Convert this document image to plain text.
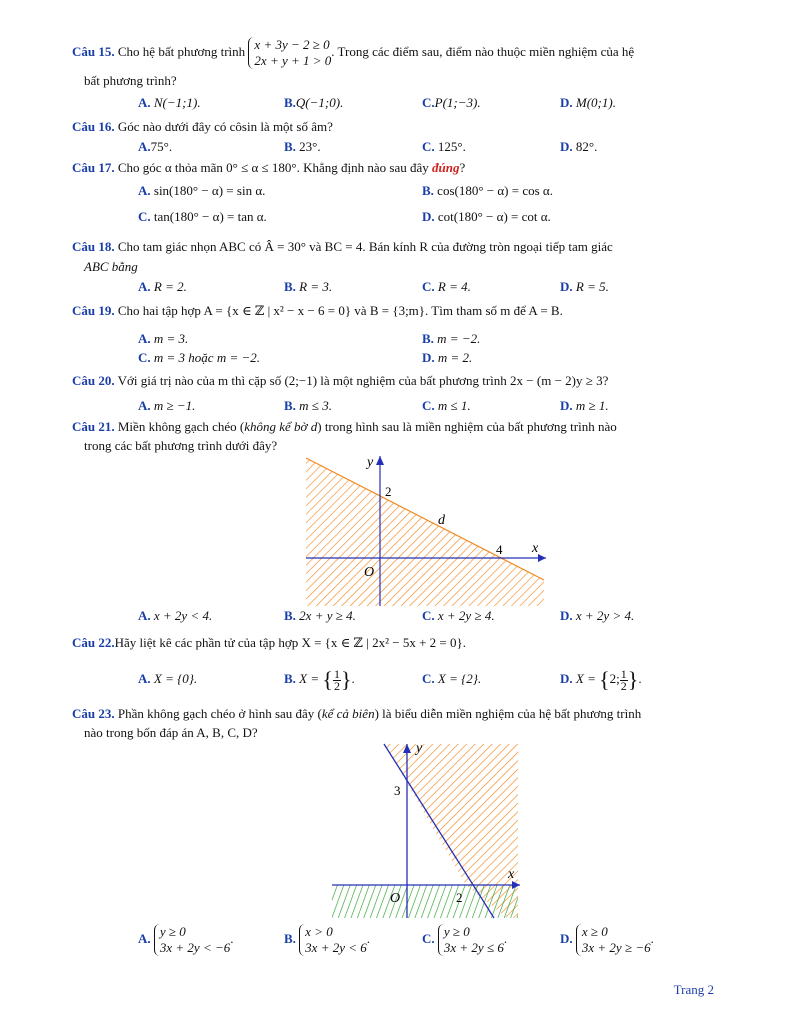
Câu 15. Cho hệ bất phương trình x + 3y − 2 ≥ 0
2x + y + 1 > 0
. Trong các điểm sau, điểm nào thuộc miền nghiệm của hệ
bất phương trình?
A. N(−1;1).	B.Q(−1;0).	C.P(1;−3).	D. M(0;1).
Câu 16. Góc nào dưới đây có côsin là một số âm?
A.75°.	B. 23°.	C. 125°.	D. 82°.
Câu 17. Cho góc α thỏa mãn 0° ≤ α ≤ 180°. Khẳng định nào sau đây đúng?
A. sin(180° − α) = sin α.	B. cos(180° − α) = cos α.
C. tan(180° − α) = tan α.	D. cot(180° − α) = cot α.
Câu 18. Cho tam giác nhọn ABC có Â = 30° và BC = 4. Bán kính R của đường tròn ngoại tiếp tam giác
ABC bằng
A. R = 2.	B. R = 3.	C. R = 4.	D. R = 5.
Câu 19. Cho hai tập hợp A = {x ∈ ℤ | x² − x − 6 = 0} và B = {3;m}. Tìm tham số m để A = B.
A. m = 3.	B. m = −2.
C. m = 3 hoặc m = −2.	D. m = 2.
Câu 20. Với giá trị nào của m thì cặp số (2;−1) là một nghiệm của bất phương trình 2x − (m − 2)y ≥ 3?
A. m ≥ −1.	B. m ≤ 3.	C. m ≤ 1.	D. m ≥ 1.
Câu 21. Miền không gạch chéo (không kể bờ d) trong hình sau là miền nghiệm của bất phương trình nào
trong các bất phương trình dưới đây?
y
x
O
2
4
d
A. x + 2y < 4.	B. 2x + y ≥ 4.	C. x + 2y ≥ 4.	D. x + 2y > 4.
Câu 22.Hãy liệt kê các phần tử của tập hợp X = {x ∈ ℤ | 2x² − 5x + 2 = 0}.
A. X = {0}.	B. X = { $\frac{1}{2}$ }.	C. X = {2}.	D. X = {2; $\frac{1}{2}$ }.
Câu 23. Phần không gạch chéo ở hình sau đây (kể cả biên) là biểu diễn miền nghiệm của hệ bất phương trình
nào trong bốn đáp án A, B, C, D?
y
x
O
3
2
A. y ≥ 0
3x + 2y < −6
.	B. x > 0
3x + 2y < 6
.	C. y ≥ 0
3x + 2y ≤ 6
.	D. x ≥ 0
3x + 2y ≥ −6
.
Trang 2
